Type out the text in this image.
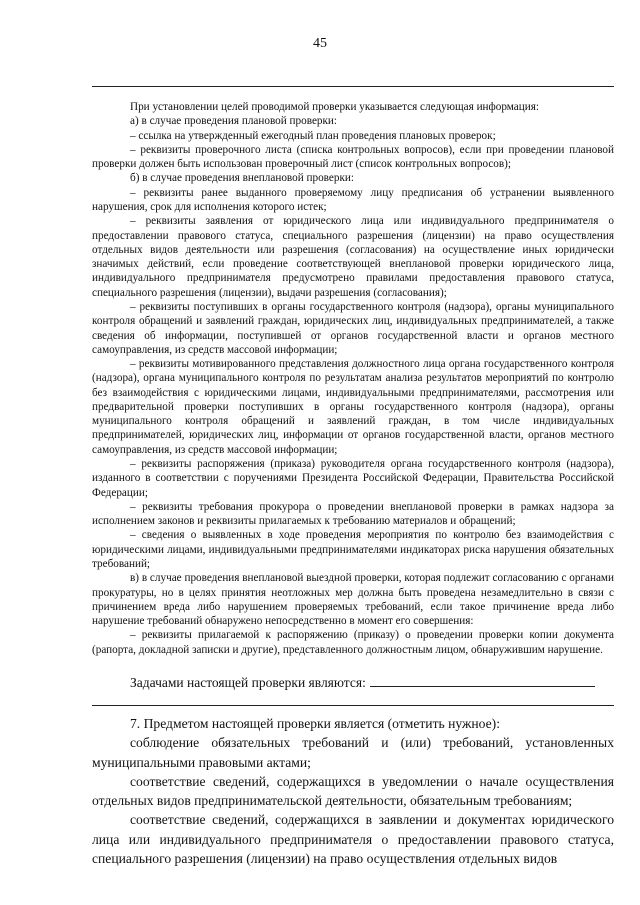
45

При установлении целей проводимой проверки указывается следующая информация:

а) в случае проведения плановой проверки:

– ссылка на утвержденный ежегодный план проведения плановых проверок;

– реквизиты проверочного листа (списка контрольных вопросов), если при проведении плановой проверки должен быть использован проверочный лист (список контрольных вопросов);

б) в случае проведения внеплановой проверки:

– реквизиты ранее выданного проверяемому лицу предписания об устранении выявленного нарушения, срок для исполнения которого истек;

– реквизиты заявления от юридического лица или индивидуального предпринимателя о предоставлении правового статуса, специального разрешения (лицензии) на право осуществления отдельных видов деятельности или разрешения (согласования) на осуществление иных юридически значимых действий, если проведение соответствующей внеплановой проверки юридического лица, индивидуального предпринимателя предусмотрено правилами предоставления правового статуса, специального разрешения (лицензии), выдачи разрешения (согласования);

– реквизиты поступивших в органы государственного контроля (надзора), органы муниципального контроля обращений и заявлений граждан, юридических лиц, индивидуальных предпринимателей, а также сведения об информации, поступившей от органов государственной власти и органов местного самоуправления, из средств массовой информации;

– реквизиты мотивированного представления должностного лица органа государственного контроля (надзора), органа муниципального контроля по результатам анализа результатов мероприятий по контролю без взаимодействия с юридическими лицами, индивидуальными предпринимателями, рассмотрения или предварительной проверки поступивших в органы государственного контроля (надзора), органы муниципального контроля обращений и заявлений граждан, в том числе индивидуальных предпринимателей, юридических лиц, информации от органов государственной власти, органов местного самоуправления, из средств массовой информации;

– реквизиты распоряжения (приказа) руководителя органа государственного контроля (надзора), изданного в соответствии с поручениями Президента Российской Федерации, Правительства Российской Федерации;

– реквизиты требования прокурора о проведении внеплановой проверки в рамках надзора за исполнением законов и реквизиты прилагаемых к требованию материалов и обращений;

– сведения о выявленных в ходе проведения мероприятия по контролю без взаимодействия с юридическими лицами, индивидуальными предпринимателями индикаторах риска нарушения обязательных требований;

в) в случае проведения внеплановой выездной проверки, которая подлежит согласованию с органами прокуратуры, но в целях принятия неотложных мер должна быть проведена незамедлительно в связи с причинением вреда либо нарушением проверяемых требований, если такое причинение вреда либо нарушение требований обнаружено непосредственно в момент его совершения:

– реквизиты прилагаемой к распоряжению (приказу) о проведении проверки копии документа (рапорта, докладной записки и другие), представленного должностным лицом, обнаружившим нарушение.

Задачами настоящей проверки являются:

7. Предметом настоящей проверки является (отметить нужное):

соблюдение обязательных требований и (или) требований, установленных муниципальными правовыми актами;

соответствие сведений, содержащихся в уведомлении о начале осуществления отдельных видов предпринимательской деятельности, обязательным требованиям;

соответствие сведений, содержащихся в заявлении и документах юридического лица или индивидуального предпринимателя о предоставлении правового статуса, специального разрешения (лицензии) на право осуществления отдельных видов
